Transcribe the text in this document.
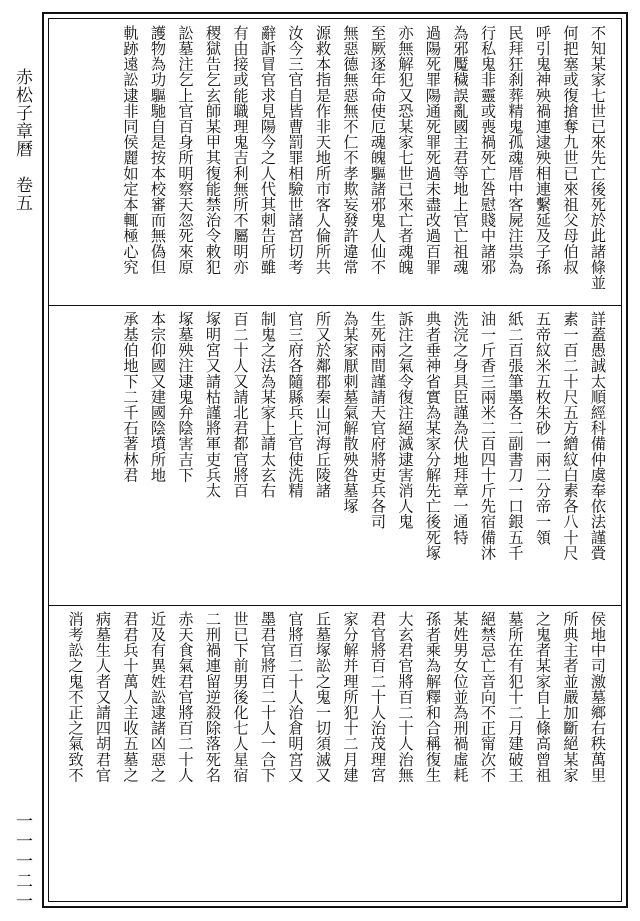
赤松子章曆　卷五
一一一二一
不知某家七世已來先亡後死於此諸條並
何把塞或復搶奪九世已來祖父母伯叔
呼引鬼神殃禍連逮殃相連繫延及子孫
民拜狂刹葬精鬼孤魂厝中客屍注祟為
行私鬼非靈或喪禍死亡咎慰賤中諸邪
為邪魘穢誤亂國主君等地上官亡祖魂
過陽死罪陽通死罪死過未盡改過百罪
亦無解犯又恐某家七世已來亡者魂魄
至厥逐年命使厄魂魄驅諸邪鬼人仙不
無惡德無惡無不仁不孝欺妄發許違常
源救本指是作非天地所市客人倫所共
汝今三官自皆曹罰罪相驗世諸宮切考
辭訴冒官求見陽今之人代其刺告所雖
有由接或能職理鬼吉利無所不屬明亦
稷獄告乞玄師某甲其復能禁治令敕犯
訟墓注乞上官百身所明察天忽死來原
護物為功驅馳自是按本校審而無偽但
軌跡遠訟逮非同侯麗如定本輒極心究
詳蓋愚誠太順經科備仲虞奉依法謹賫
素一百二十尺五方繒紋白素各八十尺
五帝紋米五枚朱砂一兩二分帝一領
紙二百張筆墨各二副書刀一口銀五千
油一斤香三兩米二百四十斤先宿備沐
洗浣之身具臣謹為伏地拜章一通特
典者垂神省實為某家分解先亡後死塚
訴注之氣令復注絕滅逮害消人鬼
生死兩間謹請天官府將吏兵各司
為某家厭刺墓氣解散殃咎墓塚
所又於鄰郡秦山河海丘陵諸
官三府各隨縣兵上官使洗精
制鬼之法為某家上請太玄右
百二十人又請北君都官將百
塚明宮又請枯謹將軍吏兵太
塚墓殃注逮鬼弁陰害吉下
本宗仰國又建國陰墳所地
承基伯地下二千石著林君
侯地中司激墓鄉右秩萬里
所典主者並嚴加斷絕某家
之鬼者某家自上條高曾祖
墓所在有犯十二月建破王
絕禁忌亡音向不正甯次不
某姓男女位並為刑禍虛耗
孫者乘為解釋和合稱復生
大玄君官將百二十人治無
君官將百二十人治茂理宮
家分解并理所犯十二月建
丘墓塚訟之鬼一切須滅又
官將百二十人治倉明宮又
墨君官將百二十人一合下
世已下前男後化七人星宿
二刑禍連留逆殺除落死名
赤天食氣君官將百二十人
近及有異姓訟逮諸凶惡之
君君兵十萬人主收五墓之
病墓生人者又請四胡君官
消考訟之鬼不正之氣致不
